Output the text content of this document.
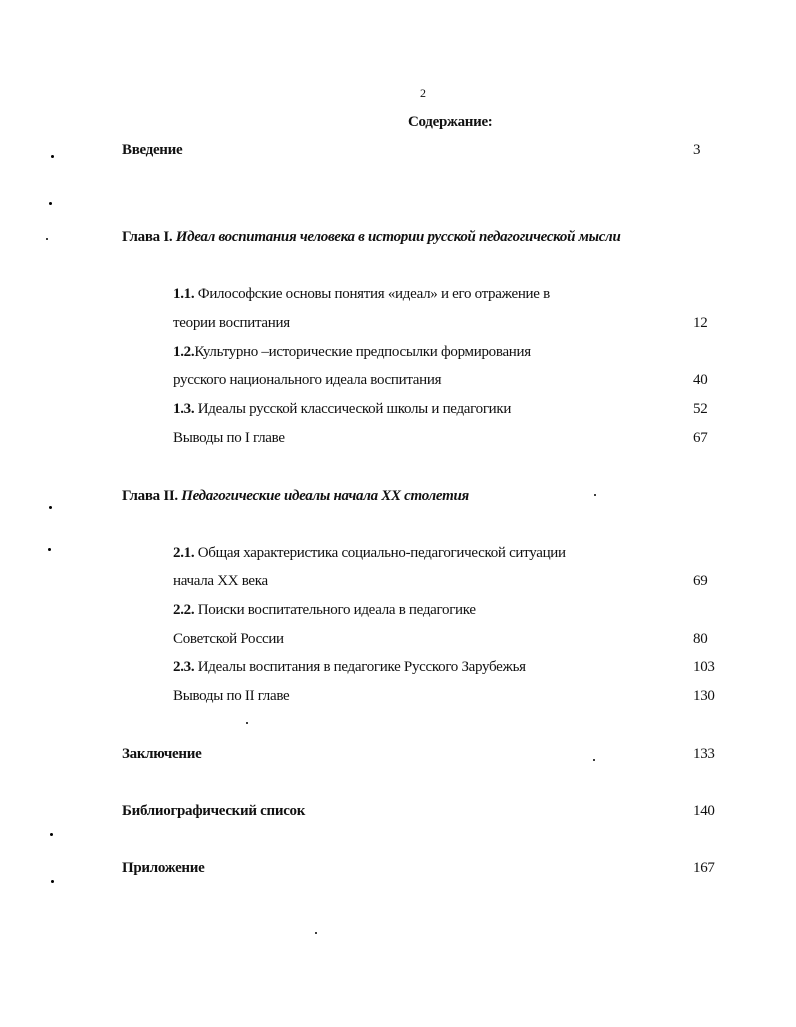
2
Содержание:
Введение	3
Глава I. Идеал воспитания человека в истории русской педагогической мысли
1.1. Философские основы понятия «идеал» и его отражение в
теории воспитания	12
1.2.Культурно –исторические предпосылки формирования
русского национального идеала воспитания	40
1.3. Идеалы русской классической школы и педагогики	52
Выводы по I главе	67
Глава II. Педагогические идеалы начала XX столетия
2.1. Общая характеристика социально-педагогической ситуации
начала XX века	69
2.2. Поиски воспитательного идеала в педагогике
Советской России	80
2.3. Идеалы воспитания в педагогике Русского Зарубежья	103
Выводы по II главе	130
Заключение	133
Библиографический список	140
Приложение	167
